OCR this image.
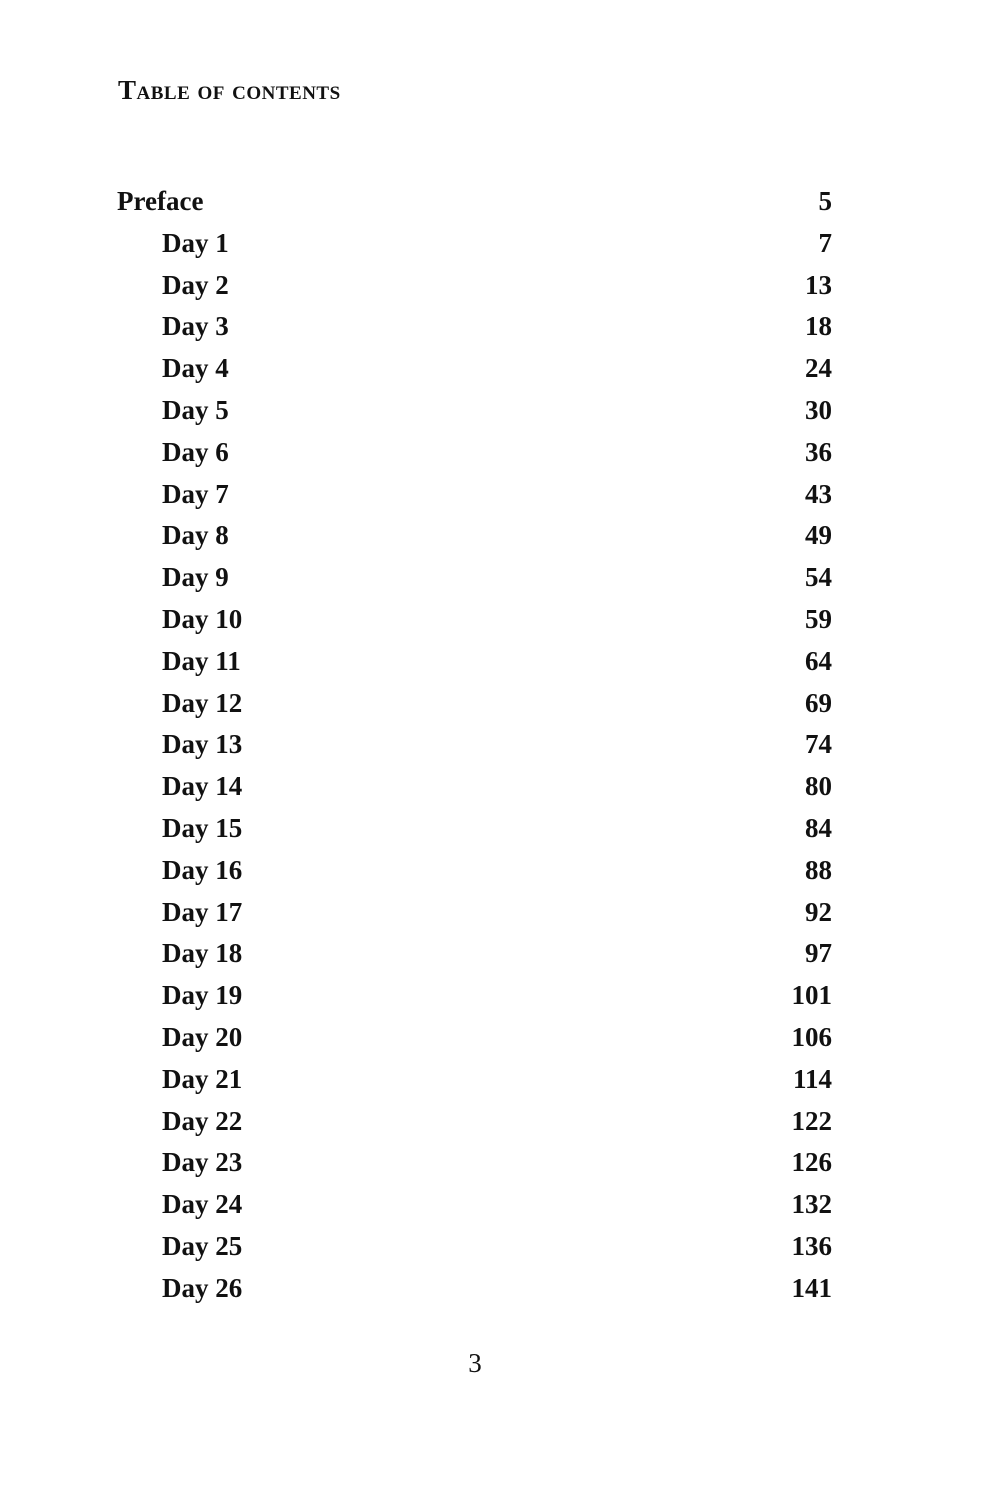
Table of contents
Preface	5
Day 1	7
Day 2	13
Day 3	18
Day 4	24
Day 5	30
Day 6	36
Day 7	43
Day 8	49
Day 9	54
Day 10	59
Day 11	64
Day 12	69
Day 13	74
Day 14	80
Day 15	84
Day 16	88
Day 17	92
Day 18	97
Day 19	101
Day 20	106
Day 21	114
Day 22	122
Day 23	126
Day 24	132
Day 25	136
Day 26	141
3
